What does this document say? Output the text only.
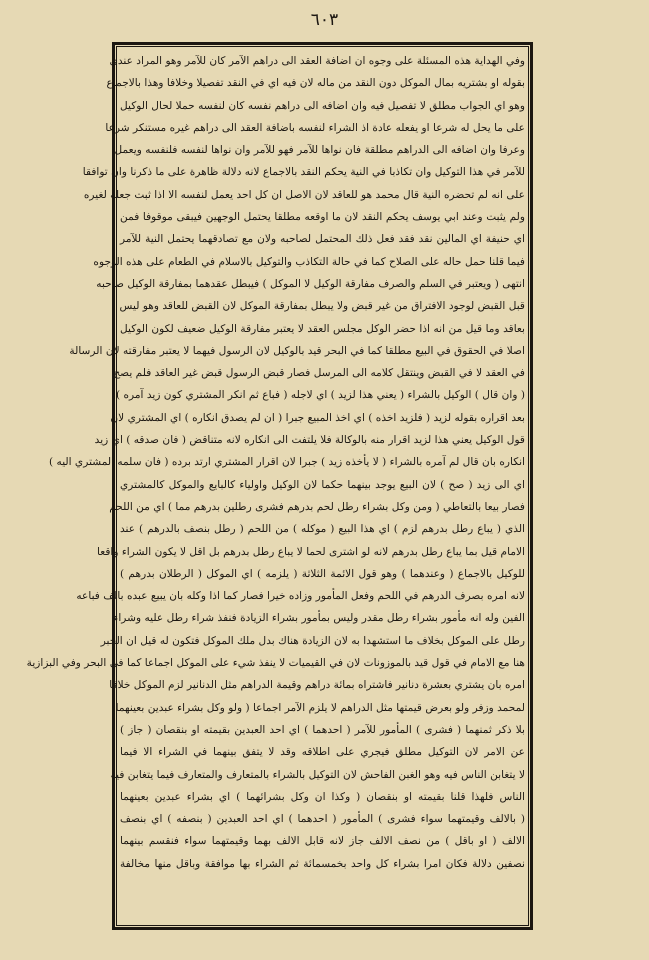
٦٠٣
وفي الهداية هذه المسئلة على وجوه ان اضافة العقد الى دراهم الآمر كان للآمر وهو المراد عندي
بقوله او بشتريه بمال الموكل دون النقد من ماله لان فيه اي في النقد تفصيلا وخلافا وهذا بالاجماع
وهو اي الجواب مطلق لا تفصيل فيه وان اضافه الى دراهم نفسه كان لنفسه حملا لحال الوكيل
على ما يحل له شرعا او يفعله عادة اذ الشراء لنفسه باضافة العقد الى دراهم غيره مستنكر شرعا
وعرفا وان اضافه الى الدراهم مطلقة فان نواها للآمر فهو للآمر وان نواها لنفسه فلنفسه ويعمل
للآمر في هذا التوكيل وان تكاذبا في النية يحكم النقد بالاجماع لانه دلالة ظاهرة على ما ذكرنا وان توافقا
على انه لم تحضره النية قال محمد هو للعاقد لان الاصل ان كل احد يعمل لنفسه الا اذا ثبت جعله لغيره
ولم يثبت وعند ابي يوسف يحكم النقد لان ما اوقعه مطلقا يحتمل الوجهين فيبقى موقوفا فمن
اي حنيفة اي المالين نقد فقد فعل ذلك المحتمل لصاحبه ولان مع تصادقهما يحتمل النية للآمر
فيما قلنا حمل حاله على الصلاح كما في حالة التكاذب والتوكيل بالاسلام في الطعام على هذه الوجوه
انتهى ( ويعتبر في السلم والصرف مفارقة الوكيل لا الموكل ) فيبطل عقدهما بمفارقة الوكيل صاحبه
قبل القبض لوجود الافتراق من غير قبض ولا يبطل بمفارقة الموكل لان القبض للعاقد وهو ليس
بعاقد وما قيل من انه اذا حضر الوكل مجلس العقد لا يعتبر مفارقة الوكيل ضعيف لكون الوكيل
اصلا في الحقوق في البيع مطلقا كما في البحر قيد بالوكيل لان الرسول فيهما لا يعتبر مفارقته لان الرسالة
في العقد لا في القبض وينتقل كلامه الى المرسل فصار قبض الرسول قبض غير العاقد فلم يصح
( وان قال ) الوكيل بالشراء ( يعني هذا لزيد ) اي لاجله ( فباع ثم انكر المشتري كون زيد آمره )
بعد اقراره بقوله لزيد ( فلزيد اخذه ) اي اخذ المبيع جبرا ( ان لم يصدق انكاره ) اي المشتري لان
قول الوكيل يعني هذا لزيد اقرار منه بالوكالة فلا يلتفت الى انكاره لانه متناقض ( فان صدقه ) اي زيد
انكاره بان قال لم آمره بالشراء ( لا يأخذه زيد ) جبرا لان اقرار المشتري ارتد برده ( فان سلمه المشتري اليه )
اي الى زيد ( صح ) لان البيع يوجد بينهما حكما لان الوكيل واولياء كالبايع والموكل كالمشتري
فصار بيعا بالتعاطي ( ومن وكل بشراء رطل لحم بدرهم فشرى رطلين بدرهم مما ) اي من اللحم
الذي ( يباع رطل بدرهم لزم ) اي هذا البيع ( موكله ) من اللحم ( رطل بنصف بالدرهم ) عند
الامام قيل بما يباع رطل بدرهم لانه لو اشترى لحما لا يباع رطل بدرهم بل اقل لا يكون الشراء واقعا
للوكيل بالاجماع ( وعندهما ) وهو قول الائمة الثلاثة ( يلزمه ) اي الموكل ( الرطلان بدرهم )
لانه امره بصرف الدرهم في اللحم وفعل المأمور وزاده خيرا فصار كما اذا وكله بان يبيع عبده بالف فباعه
الفين وله انه مأمور بشراء رطل مقدر وليس بمأمور بشراء الزيادة فنفذ شراء رطل عليه وشراء
رطل على الموكل بخلاف ما استشهدا به لان الزيادة هناك بدل ملك الموكل فتكون له قيل ان الخبر
هنا مع الامام في قول قيد بالموزونات لان في القيميات لا ينفذ شيء على الموكل اجماعا كما في البحر وفي البزازية
امره بان يشتري بعشرة دنانير فاشتراه بمائة دراهم وقيمة الدراهم مثل الدنانير لزم الموكل خلافا
لمحمد وزفر ولو بعرض قيمتها مثل الدراهم لا يلزم الآمر اجماعا ( ولو وكل بشراء عبدين بعينهما
بلا ذكر ثمنهما ( فشرى ) المأمور للآمر ( احدهما ) اي احد العبدين بقيمته او بنقصان ( جاز )
عن الامر لان التوكيل مطلق فيجري على اطلاقه وقد لا يتفق بينهما في الشراء الا فيما
لا يتغابن الناس فيه وهو الغبن الفاحش لان التوكيل بالشراء بالمتعارف والمتعارف فيما يتغابن فيه
الناس فلهذا قلنا بقيمته او بنقصان ( وكذا ان وكل بشرائهما ) اي بشراء عبدين بعينهما
( بالالف وقيمتهما سواء فشرى ) المأمور ( احدهما ) اي احد العبدين ( بنصفه ) اي بنصف
الالف ( او باقل ) من نصف الالف جاز لانه قابل الالف بهما وقيمتهما سواء فنقسم بينهما
نصفين دلالة فكان امرا بشراء كل واحد بخمسمائة ثم الشراء بها موافقة وباقل منها مخالفة
